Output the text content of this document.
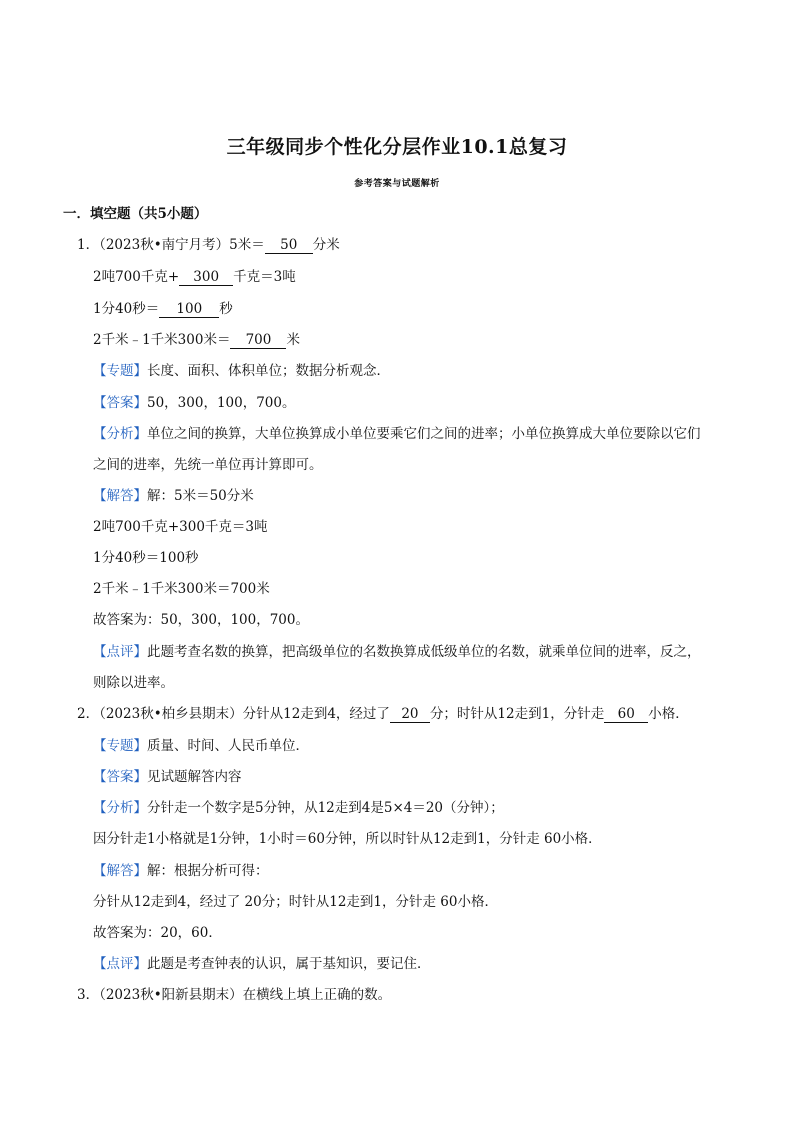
三年级同步个性化分层作业10.1总复习
参考答案与试题解析
一．填空题（共5小题）
1．（2023秋•南宁月考）5米＝ 50 分米
2吨700千克+ 300 千克＝3吨
1分40秒＝ 100 秒
2千米﹣1千米300米＝ 700 米
【专题】长度、面积、体积单位；数据分析观念．
【答案】50，300，100，700。
【分析】单位之间的换算，大单位换算成小单位要乘它们之间的进率；小单位换算成大单位要除以它们
之间的进率，先统一单位再计算即可。
【解答】解：5米＝50分米
2吨700千克+300千克＝3吨
1分40秒＝100秒
2千米﹣1千米300米＝700米
故答案为：50，300，100，700。
【点评】此题考查名数的换算，把高级单位的名数换算成低级单位的名数，就乘单位间的进率，反之，
则除以进率。
2．（2023秋•柏乡县期末）分针从12走到4，经过了 20 分；时针从12走到1，分针走 60 小格．
【专题】质量、时间、人民币单位．
【答案】见试题解答内容
【分析】分针走一个数字是5分钟，从12走到4是5×4＝20（分钟）；
因分针走1小格就是1分钟，1小时＝60分钟，所以时针从12走到1，分针走 60小格．
【解答】解：根据分析可得：
分针从12走到4，经过了 20分；时针从12走到1，分针走 60小格．
故答案为：20，60．
【点评】此题是考查钟表的认识，属于基知识，要记住．
3．（2023秋•阳新县期末）在横线上填上正确的数。
